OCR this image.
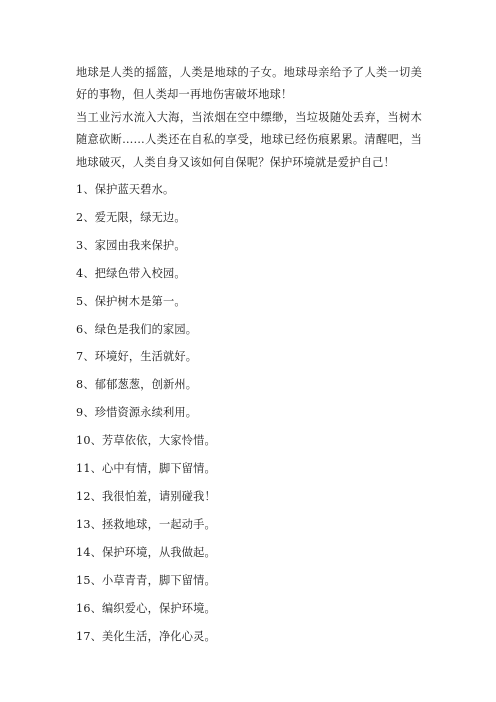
地球是人类的摇篮，人类是地球的子女。地球母亲给予了人类一切美好的事物，但人类却一再地伤害破坏地球！

当工业污水流入大海，当浓烟在空中缥缈，当垃圾随处丢弃，当树木随意砍断……人类还在自私的享受，地球已经伤痕累累。清醒吧，当地球破灭，人类自身又该如何自保呢？保护环境就是爱护自己！

1、保护蓝天碧水。
2、爱无限，绿无边。
3、家园由我来保护。
4、把绿色带入校园。
5、保护树木是第一。
6、绿色是我们的家园。
7、环境好，生活就好。
8、郁郁葱葱，创新州。
9、珍惜资源永续利用。
10、芳草依依，大家怜惜。
11、心中有情，脚下留情。
12、我很怕羞，请别碰我！
13、拯救地球，一起动手。
14、保护环境，从我做起。
15、小草青青，脚下留情。
16、编织爱心，保护环境。
17、美化生活，净化心灵。
